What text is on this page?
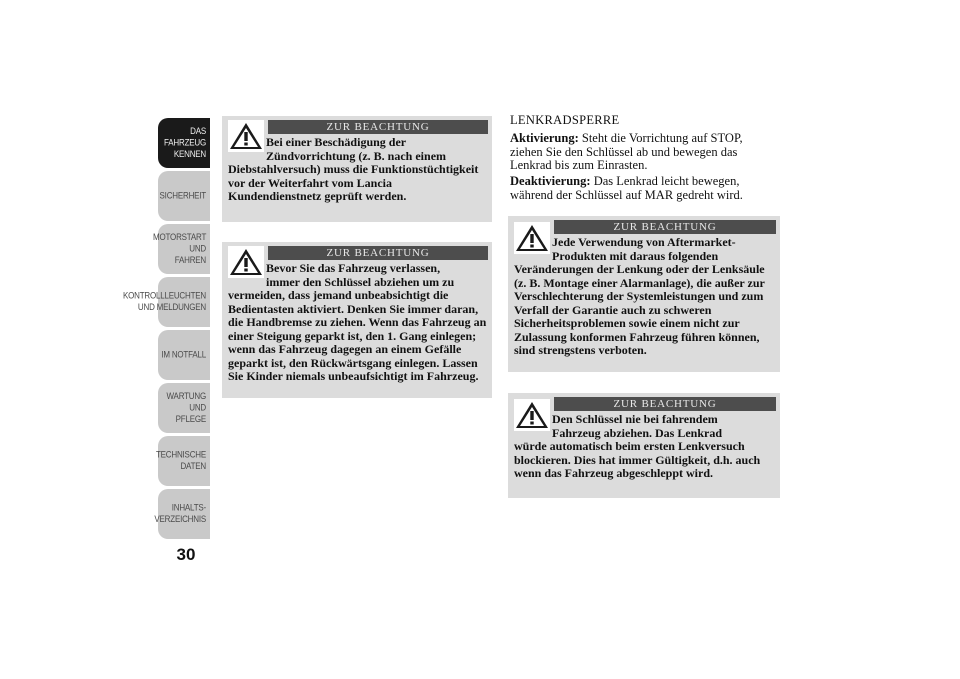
DAS FAHRZEUG
KENNEN
SICHERHEIT
MOTORSTART UND
FAHREN
KONTROLLLEUCHTEN
UND MELDUNGEN
IM NOTFALL
WARTUNG UND
PFLEGE
TECHNISCHE
DATEN
INHALTS-
VERZEICHNIS
30
ZUR BEACHTUNG
Bei einer Beschädigung der
Zündvorrichtung (z. B. nach einem
Diebstahlversuch) muss die Funktionstüchtigkeit vor der Weiterfahrt vom Lancia Kundendienstnetz geprüft werden.
ZUR BEACHTUNG
Bevor Sie das Fahrzeug verlassen,
immer den Schlüssel abziehen um zu
vermeiden, dass jemand unbeabsichtigt die Bedientasten aktiviert. Denken Sie immer daran, die Handbremse zu ziehen. Wenn das Fahrzeug an einer Steigung geparkt ist, den 1. Gang einlegen; wenn das Fahrzeug dagegen an einem Gefälle geparkt ist, den Rückwärtsgang einlegen. Lassen Sie Kinder niemals unbeaufsichtigt im Fahrzeug.
LENKRADSPERRE
Aktivierung: Steht die Vorrichtung auf STOP, ziehen Sie den Schlüssel ab und bewegen das Lenkrad bis zum Einrasten.
Deaktivierung: Das Lenkrad leicht bewegen, während der Schlüssel auf MAR gedreht wird.
ZUR BEACHTUNG
Jede Verwendung von Aftermarket-
Produkten mit daraus folgenden
Veränderungen der Lenkung oder der Lenksäule (z. B. Montage einer Alarmanlage), die außer zur Verschlechterung der Systemleistungen und zum Verfall der Garantie auch zu schweren Sicherheitsproblemen sowie einem nicht zur Zulassung konformen Fahrzeug führen können, sind strengstens verboten.
ZUR BEACHTUNG
Den Schlüssel nie bei fahrendem
Fahrzeug abziehen. Das Lenkrad
würde automatisch beim ersten Lenkversuch blockieren. Dies hat immer Gültigkeit, d.h. auch wenn das Fahrzeug abgeschleppt wird.
